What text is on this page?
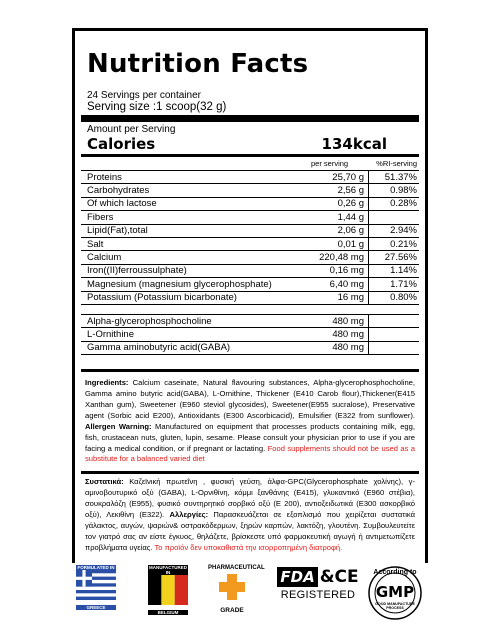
Nutrition Facts
24 Servings per container
Serving size :1 scoop(32 g)
Amount per Serving
Calories	134kcal
per serving	%RI-serving
Proteins	25,70 g	51.37%
Carbohydrates	2,56 g	0.98%
Of which lactose	0,26 g	0.28%
Fibers	1,44 g
Lipid(Fat),total	2,06 g	2.94%
Salt	0,01 g	0.21%
Calcium	220,48 mg	27.56%
Iron((II)ferroussulphate)	0,16 mg	1.14%
Magnesium (magnesium glycerophosphate)	6,40 mg	1.71%
Potassium (Potassium bicarbonate)	16 mg	0.80%
Alpha-glycerophosphocholine	480 mg
L-Ornithine	480 mg
Gamma aminobutyric acid(GABA)	480 mg
Ingredients: Calcium caseinate, Natural flavouring substances, Alpha-glycerophosphocholine, Gamma amino butyric acid(GABA), L-Ornithine, Thickener (E410 Carob flour),Thickener(E415 Xanthan gum), Sweetener (E960 steviol glycosides), Sweetener(E955 sucralose), Preservative agent (Sorbic acid E200), Antioxidants (E300 Ascorbicacid), Emulsifier (E322 from sunflower). Allergen Warning: Manufactured on equipment that processes products containing milk, egg, fish, crustacean nuts, gluten, lupin, sesame. Please consult your physician prior to use if you are facing a medical condition, or if pregnant or lactating. Food supplements should not be used as a substitute for a balanced varied diet
Συστατικά: Καζεϊνική πρωτεΐνη , φυσική γεύση, άλφα-GPC(Glycerophosphate χολίνης), γ-αμινοβουτυρικό οξύ (GABA), L-Ορνιθίνη, κόμμι ξανθάνης (E415), γλυκαντικό (E960 στέβια), σουκραλόζη (E955), φυσικό συντηρητικό σορβικό οξύ (E 200), αντιοξειδωτικά (E300 ασκορβικό οξύ), Λεκιθίνη (E322). Αλλεργίες: Παρασκευάζεται σε εξοπλισμό που χειρίζεται συστατικά γάλακτος, αυγών, ψαριών& οστρακόδερμων, ξηρών καρπών, λακτόζη, γλουτένη. Συμβουλευτείτε τον γιατρό σας αν είστε έγκυος, θηλάζετε, βρίσκεστε υπό φαρμακευτική αγωγή ή αντιμετωπίζετε προβλήματα υγείας. Το προϊόν δεν υποκαθιστά την ισορροπημένη διατροφή.
FORMULATED IN
GREECE
MANUFACTURED IN
BELGIUM
PHARMACEUTICAL
GRADE
FDA &CE
REGISTERED
According to
GMP
GOOD MANUFACTURE PROCESS
